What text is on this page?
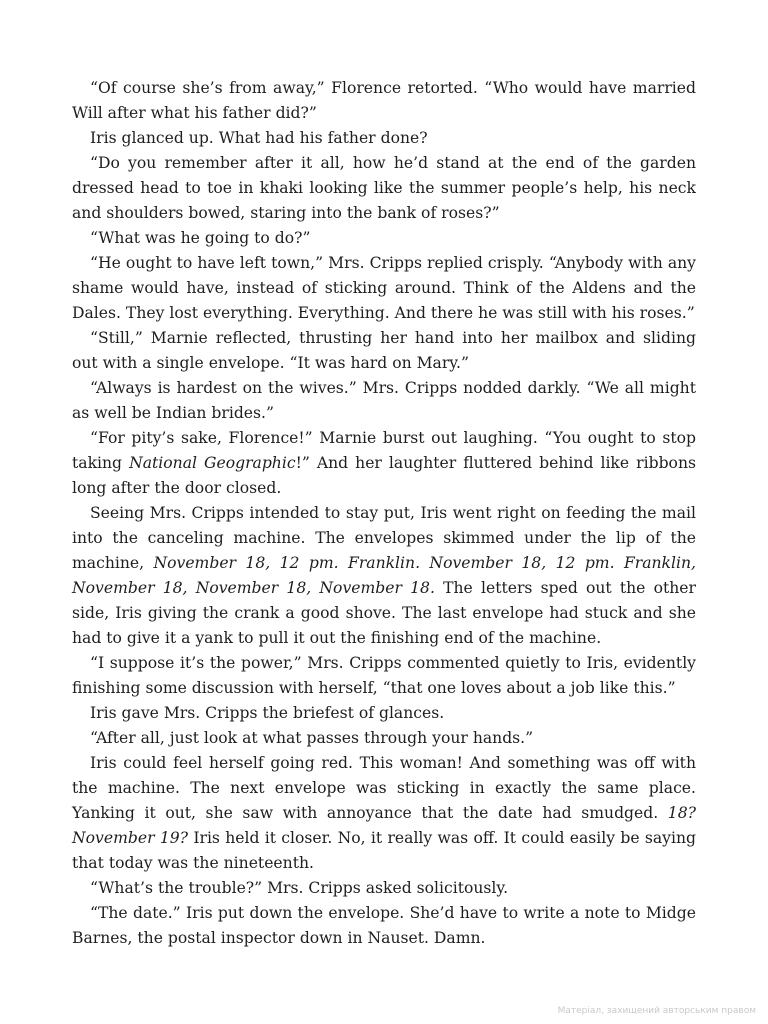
“Of course she’s from away,” Florence retorted. “Who would have married Will after what his father did?”

Iris glanced up. What had his father done?

“Do you remember after it all, how he’d stand at the end of the garden dressed head to toe in khaki looking like the summer people’s help, his neck and shoulders bowed, staring into the bank of roses?”

“What was he going to do?”

“He ought to have left town,” Mrs. Cripps replied crisply. “Anybody with any shame would have, instead of sticking around. Think of the Aldens and the Dales. They lost everything. Everything. And there he was still with his roses.”

“Still,” Marnie reflected, thrusting her hand into her mailbox and sliding out with a single envelope. “It was hard on Mary.”

“Always is hardest on the wives.” Mrs. Cripps nodded darkly. “We all might as well be Indian brides.”

“For pity’s sake, Florence!” Marnie burst out laughing. “You ought to stop taking National Geographic!” And her laughter fluttered behind like ribbons long after the door closed.

Seeing Mrs. Cripps intended to stay put, Iris went right on feeding the mail into the canceling machine. The envelopes skimmed under the lip of the machine, November 18, 12 pm. Franklin. November 18, 12 pm. Franklin, November 18, November 18, November 18. The letters sped out the other side, Iris giving the crank a good shove. The last envelope had stuck and she had to give it a yank to pull it out the finishing end of the machine.

“I suppose it’s the power,” Mrs. Cripps commented quietly to Iris, evidently finishing some discussion with herself, “that one loves about a job like this.”

Iris gave Mrs. Cripps the briefest of glances.

“After all, just look at what passes through your hands.”

Iris could feel herself going red. This woman! And something was off with the machine. The next envelope was sticking in exactly the same place. Yanking it out, she saw with annoyance that the date had smudged. 18? November 19? Iris held it closer. No, it really was off. It could easily be saying that today was the nineteenth.

“What’s the trouble?” Mrs. Cripps asked solicitously.

“The date.” Iris put down the envelope. She’d have to write a note to Midge Barnes, the postal inspector down in Nauset. Damn.

Матеріал, захищений авторським правом
